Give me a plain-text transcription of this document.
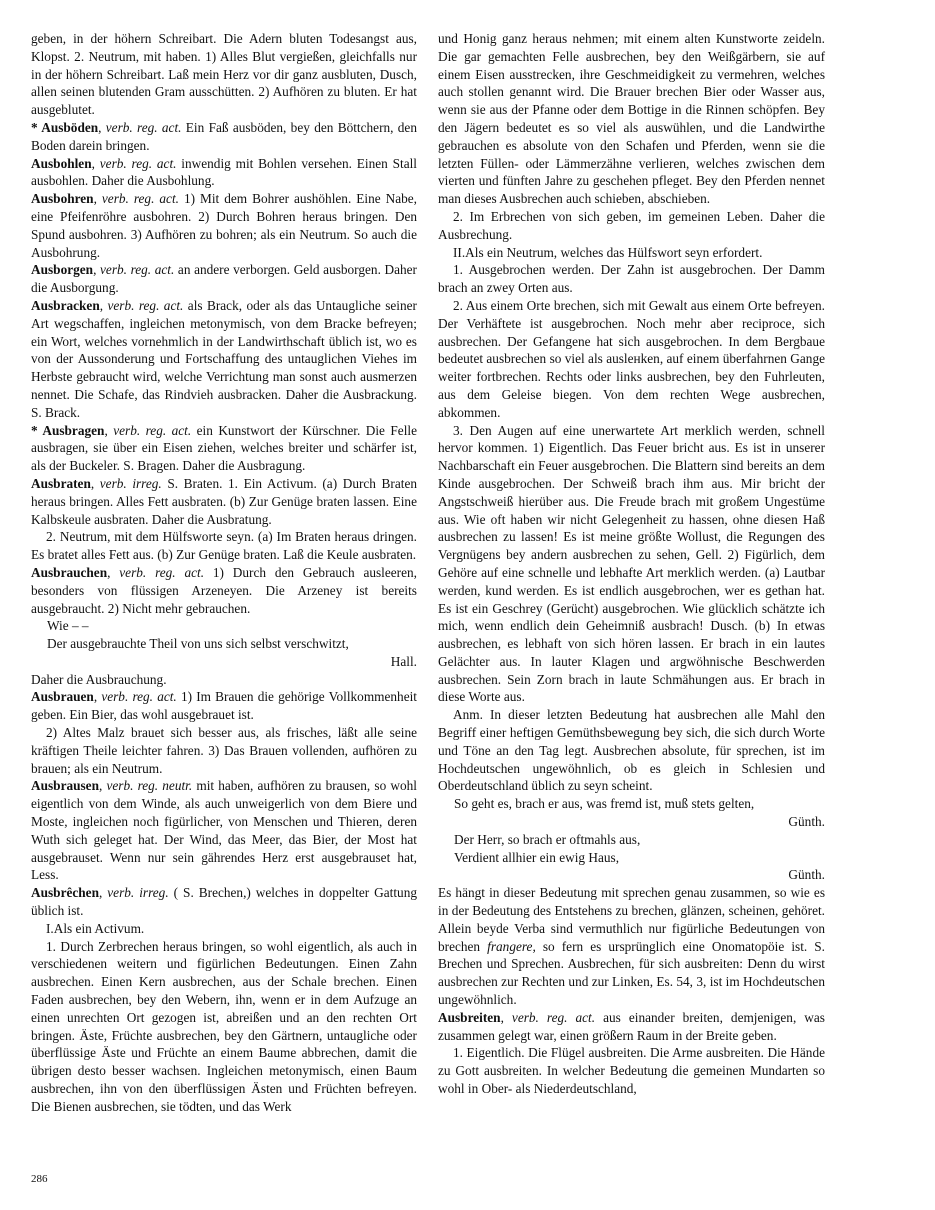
geben, in der höhern Schreibart. Die Adern bluten Todesangst aus, Klopst. 2. Neutrum, mit haben. 1) Alles Blut vergießen, gleichfalls nur in der höhern Schreibart. Laß mein Herz vor dir ganz ausbluten, Dusch, allen seinen blutenden Gram ausschütten. 2) Aufhören zu bluten. Er hat ausgeblutet.

* Ausböden, verb. reg. act. Ein Faß ausböden, bey den Böttchern, den Boden darein bringen.

Ausbohlen, verb. reg. act. inwendig mit Bohlen versehen. Einen Stall ausbohlen. Daher die Ausbohlung.

Ausbohren, verb. reg. act. 1) Mit dem Bohrer aushöhlen. Eine Nabe, eine Pfeifenröhre ausbohren. 2) Durch Bohren heraus bringen. Den Spund ausbohren. 3) Aufhören zu bohren; als ein Neutrum. So auch die Ausbohrung.

Ausborgen, verb. reg. act. an andere verborgen. Geld ausborgen. Daher die Ausborgung.

Ausbracken, verb. reg. act. als Brack, oder als das Untaugliche seiner Art wegschaffen, ingleichen metonymisch, von dem Bracke befreyen; ein Wort, welches vornehmlich in der Landwirthschaft üblich ist, wo es von der Aussonderung und Fortschaffung des untauglichen Viehes im Herbste gebraucht wird, welche Verrichtung man sonst auch ausmerzen nennet. Die Schafe, das Rindvieh ausbracken. Daher die Ausbrackung. S. Brack.

* Ausbragen, verb. reg. act. ein Kunstwort der Kürschner. Die Felle ausbragen, sie über ein Eisen ziehen, welches breiter und schärfer ist, als der Buckeler. S. Bragen. Daher die Ausbragung.

Ausbraten, verb. irreg. S. Braten. 1. Ein Activum. (a) Durch Braten heraus bringen. Alles Fett ausbraten. (b) Zur Genüge braten lassen. Eine Kalbskeule ausbraten. Daher die Ausbratung.

2. Neutrum, mit dem Hülfsworte seyn. (a) Im Braten heraus dringen. Es bratet alles Fett aus. (b) Zur Genüge braten. Laß die Keule ausbraten.

Ausbrauchen, verb. reg. act. 1) Durch den Gebrauch ausleeren, besonders von flüssigen Arzeneyen. Die Arzeney ist bereits ausgebraucht. 2) Nicht mehr gebrauchen.

Wie – –

Der ausgebrauchte Theil von uns sich selbst verschwitzt,

Hall.

Daher die Ausbrauchung.

Ausbrauen, verb. reg. act. 1) Im Brauen die gehörige Vollkommenheit geben. Ein Bier, das wohl ausgebrauet ist.

2) Altes Malz brauet sich besser aus, als frisches, läßt alle seine kräftigen Theile leichter fahren. 3) Das Brauen vollenden, aufhören zu brauen; als ein Neutrum.

Ausbrausen, verb. reg. neutr. mit haben, aufhören zu brausen, so wohl eigentlich von dem Winde, als auch unweigerlich von dem Biere und Moste, ingleichen noch figürlicher, von Menschen und Thieren, deren Wuth sich geleget hat. Der Wind, das Meer, das Bier, der Most hat ausgebrauset. Wenn nur sein gährendes Herz erst ausgebrauset hat, Less.

Ausbrêchen, verb. irreg. ( S. Brechen,) welches in doppelter Gattung üblich ist.

I.Als ein Activum.

1. Durch Zerbrechen heraus bringen, so wohl eigentlich, als auch in verschiedenen weitern und figürlichen Bedeutungen. Einen Zahn ausbrechen. Einen Kern ausbrechen, aus der Schale brechen. Einen Faden ausbrechen, bey den Webern, ihn, wenn er in dem Aufzuge an einen unrechten Ort gezogen ist, abreißen und an den rechten Ort bringen. Äste, Früchte ausbrechen, bey den Gärtnern, untaugliche oder überflüssige Äste und Früchte an einem Baume abbrechen, damit die übrigen desto besser wachsen. Ingleichen metonymisch, einen Baum ausbrechen, ihn von den überflüssigen Ästen und Früchten befreyen. Die Bienen ausbrechen, sie tödten, und das Werk

und Honig ganz heraus nehmen; mit einem alten Kunstworte zeideln. Die gar gemachten Felle ausbrechen, bey den Weißgärbern, sie auf einem Eisen ausstrecken, ihre Geschmeidigkeit zu vermehren, welches auch stollen genannt wird. Die Brauer brechen Bier oder Wasser aus, wenn sie aus der Pfanne oder dem Bottige in die Rinnen schöpfen. Bey den Jägern bedeutet es so viel als auswühlen, und die Landwirthe gebrauchen es absolute von den Schafen und Pferden, wenn sie die letzten Füllen- oder Lämmerzähne verlieren, welches zwischen dem vierten und fünften Jahre zu geschehen pfleget. Bey den Pferden nennet man dieses Ausbrechen auch schieben, abschieben.

2. Im Erbrechen von sich geben, im gemeinen Leben. Daher die Ausbrechung.

II.Als ein Neutrum, welches das Hülfswort seyn erfordert.

1. Ausgebrochen werden. Der Zahn ist ausgebrochen. Der Damm brach an zwey Orten aus.

2. Aus einem Orte brechen, sich mit Gewalt aus einem Orte befreyen. Der Verhäftete ist ausgebrochen. Noch mehr aber reciproce, sich ausbrechen. Der Gefangene hat sich ausgebrochen. In dem Bergbaue bedeutet ausbrechen so viel als ausleнken, auf einem überfahrnen Gange weiter fortbrechen. Rechts oder links ausbrechen, bey den Fuhrleuten, aus dem Geleise biegen. Von dem rechten Wege ausbrechen, abkommen.

3. Den Augen auf eine unerwartete Art merklich werden, schnell hervor kommen. 1) Eigentlich. Das Feuer bricht aus. Es ist in unserer Nachbarschaft ein Feuer ausgebrochen. Die Blattern sind bereits an dem Kinde ausgebrochen. Der Schweiß brach ihm aus. Mir bricht der Angstschweiß hierüber aus. Die Freude brach mit großem Ungestüme aus. Wie oft haben wir nicht Gelegenheit zu hassen, ohne diesen Haß ausbrechen zu lassen! Es ist meine größte Wollust, die Regungen des Vergnügens bey andern ausbrechen zu sehen, Gell. 2) Figürlich, dem Gehöre auf eine schnelle und lebhafte Art merklich werden. (a) Lautbar werden, kund werden. Es ist endlich ausgebrochen, wer es gethan hat. Es ist ein Geschrey (Gerücht) ausgebrochen. Wie glücklich schätzte ich mich, wenn endlich dein Geheimniß ausbrach! Dusch. (b) In etwas ausbrechen, es lebhaft von sich hören lassen. Er brach in ein lautes Gelächter aus. In lauter Klagen und argwöhnische Beschwerden ausbrechen. Sein Zorn brach in laute Schmähungen aus. Er brach in diese Worte aus.

Anm. In dieser letzten Bedeutung hat ausbrechen alle Mahl den Begriff einer heftigen Gemüthsbewegung bey sich, die sich durch Worte und Töne an den Tag legt. Ausbrechen absolute, für sprechen, ist im Hochdeutschen ungewöhnlich, ob es gleich in Schlesien und Oberdeutschland üblich zu seyn scheint.

So geht es, brach er aus, was fremd ist, muß stets gelten,

Günth.

Der Herr, so brach er oftmahls aus,

Verdient allhier ein ewig Haus,

Günth.

Es hängt in dieser Bedeutung mit sprechen genau zusammen, so wie es in der Bedeutung des Entstehens zu brechen, glänzen, scheinen, gehöret. Allein beyde Verba sind vermuthlich nur figürliche Bedeutungen von brechen frangere, so fern es ursprünglich eine Onomatopöie ist. S. Brechen und Sprechen. Ausbrechen, für sich ausbreiten: Denn du wirst ausbrechen zur Rechten und zur Linken, Es. 54, 3, ist im Hochdeutschen ungewöhnlich.

Ausbreiten, verb. reg. act. aus einander breiten, demjenigen, was zusammen gelegt war, einen größern Raum in der Breite geben.

1. Eigentlich. Die Flügel ausbreiten. Die Arme ausbreiten. Die Hände zu Gott ausbreiten. In welcher Bedeutung die gemeinen Mundarten so wohl in Ober- als Niederdeutschland,

286
